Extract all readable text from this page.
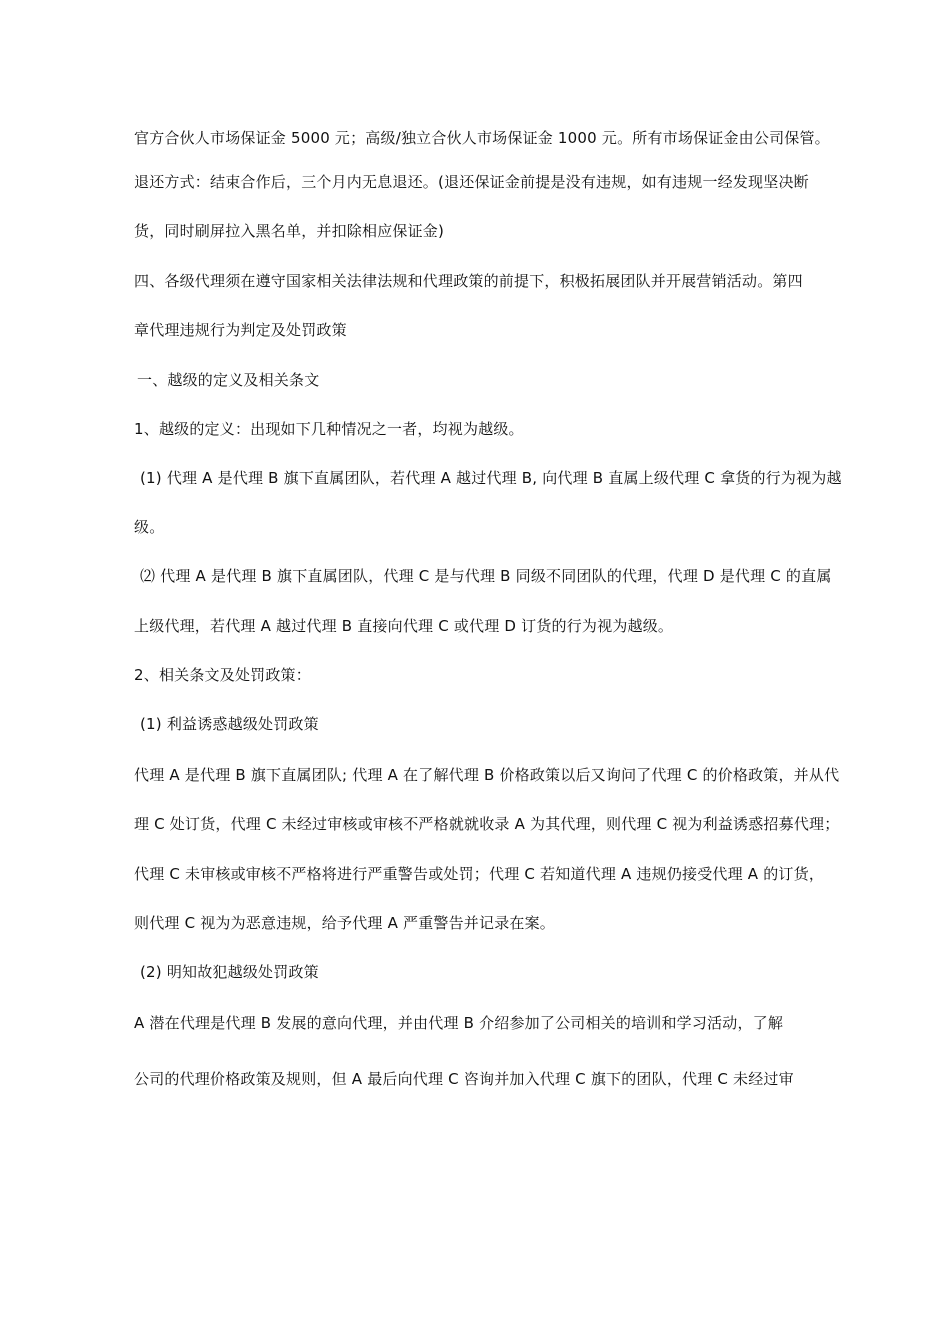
官方合伙人市场保证金 5000 元；高级/独立合伙人市场保证金 1000 元。所有市场保证金由公司保管。
退还方式：结束合作后，三个月内无息退还。(退还保证金前提是没有违规，如有违规一经发现坚决断
货，同时刷屏拉入黑名单，并扣除相应保证金)
四、各级代理须在遵守国家相关法律法规和代理政策的前提下，积极拓展团队并开展营销活动。第四
章代理违规行为判定及处罚政策
一、越级的定义及相关条文
1、越级的定义：出现如下几种情况之一者，均视为越级。
(1) 代理 A 是代理 B 旗下直属团队，若代理 A 越过代理 B, 向代理 B 直属上级代理 C 拿货的行为视为越
级。
⑵ 代理 A 是代理 B 旗下直属团队，代理 C 是与代理 B 同级不同团队的代理，代理 D 是代理 C 的直属
上级代理，若代理 A 越过代理 B 直接向代理 C 或代理 D 订货的行为视为越级。
2、相关条文及处罚政策：
(1) 利益诱惑越级处罚政策
代理 A 是代理 B 旗下直属团队; 代理 A 在了解代理 B 价格政策以后又询问了代理 C 的价格政策，并从代
理 C 处订货，代理 C 未经过审核或审核不严格就就收录 A 为其代理，则代理 C 视为利益诱惑招募代理；
代理 C 未审核或审核不严格将进行严重警告或处罚；代理 C 若知道代理 A 违规仍接受代理 A 的订货，
则代理 C 视为为恶意违规，给予代理 A 严重警告并记录在案。
(2) 明知故犯越级处罚政策
A 潜在代理是代理 B 发展的意向代理，并由代理 B 介绍参加了公司相关的培训和学习活动，了解
公司的代理价格政策及规则，但 A 最后向代理 C 咨询并加入代理 C 旗下的团队，代理 C 未经过审
